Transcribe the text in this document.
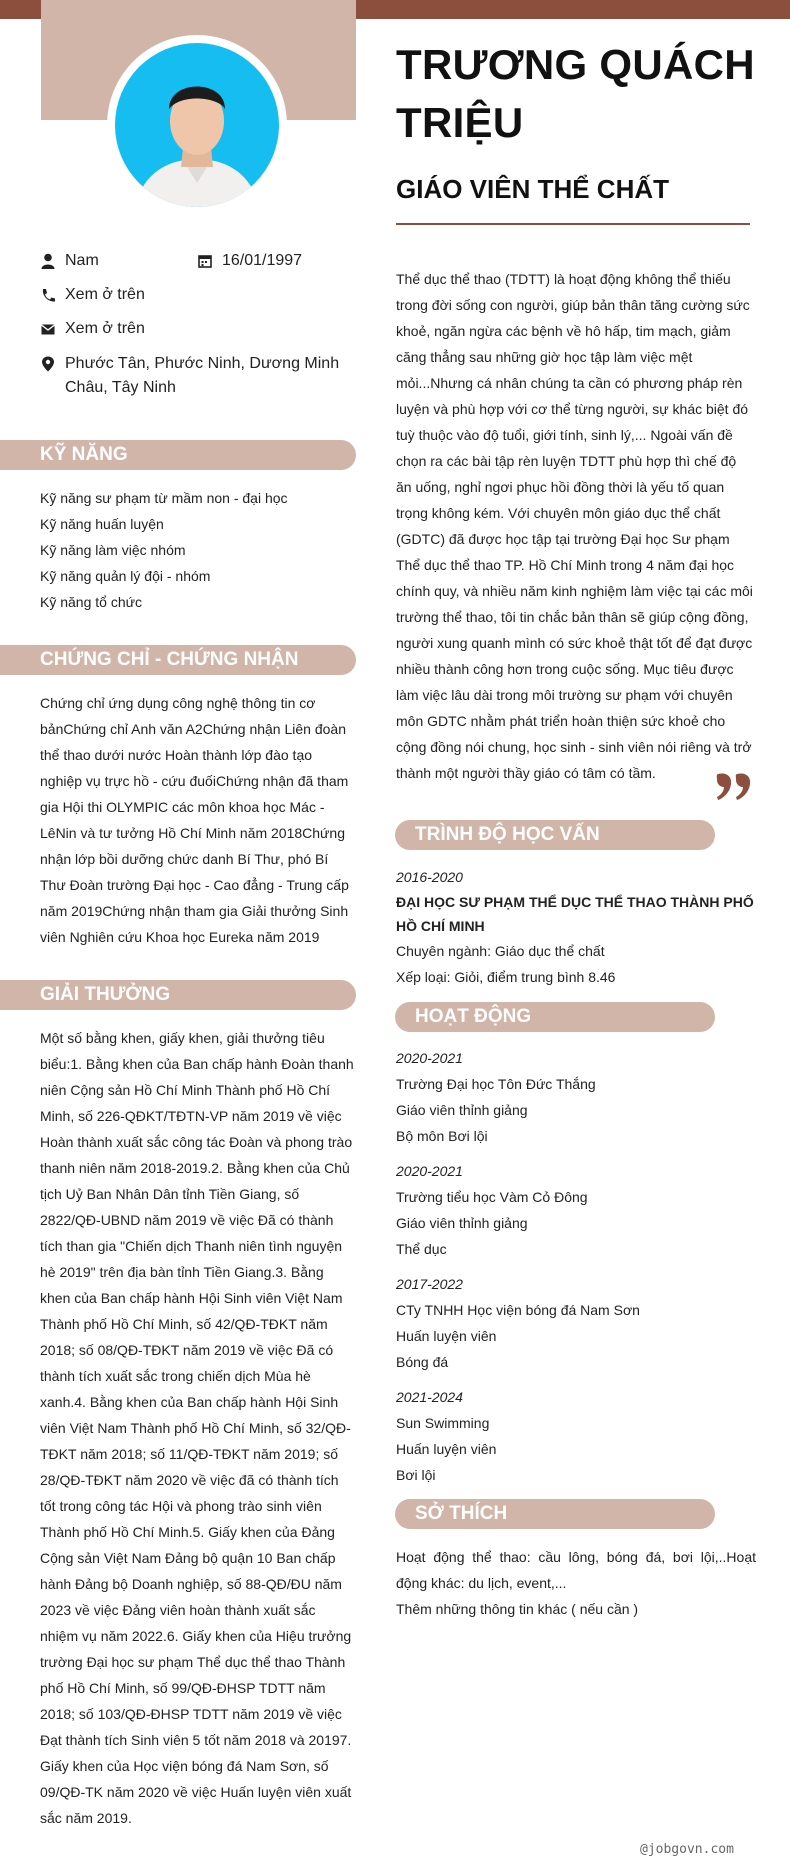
TRƯƠNG QUÁCH TRIỆU
GIÁO VIÊN THỂ CHẤT
Nam	16/01/1997
Xem ở trên
Xem ở trên
Phước Tân, Phước Ninh, Dương Minh Châu, Tây Ninh
KỸ NĂNG
Kỹ năng sư phạm từ mầm non - đại học
Kỹ năng huấn luyện
Kỹ năng làm việc nhóm
Kỹ năng quản lý đội - nhóm
Kỹ năng tổ chức
CHỨNG CHỈ - CHỨNG NHẬN

Chứng chỉ ứng dụng công nghệ thông tin cơ bảnChứng chỉ Anh văn A2Chứng nhận Liên đoàn thể thao dưới nước Hoàn thành lớp đào tạo nghiệp vụ trực hồ - cứu đuốiChứng nhận đã tham gia Hội thi OLYMPIC các môn khoa học Mác - LêNin và tư tưởng Hồ Chí Minh năm 2018Chứng nhận lớp bồi dưỡng chức danh Bí Thư, phó Bí Thư Đoàn trường Đại học - Cao đẳng - Trung cấp năm 2019Chứng nhận tham gia Giải thưởng Sinh viên Nghiên cứu Khoa học Eureka năm 2019

GIẢI THƯỞNG

Một số bằng khen, giấy khen, giải thưởng tiêu biểu:1. Bằng khen của Ban chấp hành Đoàn thanh niên Cộng sản Hồ Chí Minh Thành phố Hồ Chí Minh, số 226-QĐKT/TĐTN-VP năm 2019 về việc Hoàn thành xuất sắc công tác Đoàn và phong trào thanh niên năm 2018-2019.2. Bằng khen của Chủ tịch Uỷ Ban Nhân Dân tỉnh Tiền Giang, số 2822/QĐ-UBND năm 2019 về việc Đã có thành tích than gia "Chiến dịch Thanh niên tình nguyện hè 2019" trên địa bàn tỉnh Tiền Giang.3. Bằng khen của Ban chấp hành Hội Sinh viên Việt Nam Thành phố Hồ Chí Minh, số 42/QĐ-TĐKT năm 2018; số 08/QĐ-TĐKT năm 2019 về việc Đã có thành tích xuất sắc trong chiến dịch Mùa hè xanh.4. Bằng khen của Ban chấp hành Hội Sinh viên Việt Nam Thành phố Hồ Chí Minh, số 32/QĐ-TĐKT năm 2018; số 11/QĐ-TĐKT năm 2019; số 28/QĐ-TĐKT năm 2020 về việc đã có thành tích tốt trong công tác Hội và phong trào sinh viên Thành phố Hồ Chí Minh.5. Giấy khen của Đảng Cộng sản Việt Nam Đảng bộ quận 10 Ban chấp hành Đảng bộ Doanh nghiệp, số 88-QĐ/ĐU năm 2023 về việc Đảng viên hoàn thành xuất sắc nhiệm vụ năm 2022.6. Giấy khen của Hiệu trưởng trường Đại học sư phạm Thể dục thể thao Thành phố Hồ Chí Minh, số 99/QĐ-ĐHSP TDTT năm 2018; số 103/QĐ-ĐHSP TDTT năm 2019 về việc Đạt thành tích Sinh viên 5 tốt năm 2018 và 20197. Giấy khen của Học viện bóng đá Nam Sơn, số 09/QĐ-TK năm 2020 về việc Huấn luyện viên xuất sắc năm 2019.

Thể dục thể thao (TDTT) là hoạt động không thể thiếu trong đời sống con người, giúp bản thân tăng cường sức khoẻ, ngăn ngừa các bệnh về hô hấp, tim mạch, giảm căng thẳng sau những giờ học tập làm việc mệt mỏi...Nhưng cá nhân chúng ta cần có phương pháp rèn luyện và phù hợp với cơ thể từng người, sự khác biệt đó tuỳ thuộc vào độ tuổi, giới tính, sinh lý,... Ngoài vấn đề chọn ra các bài tập rèn luyện TDTT phù hợp thì chế độ ăn uống, nghỉ ngơi phục hồi đồng thời là yếu tố quan trọng không kém. Với chuyên môn giáo dục thể chất (GDTC) đã được học tập tại trường Đại học Sư phạm Thể dục thể thao TP. Hồ Chí Minh trong 4 năm đại học chính quy, và nhiều năm kinh nghiệm làm việc tại các môi trường thể thao, tôi tin chắc bản thân sẽ giúp cộng đồng, người xung quanh mình có sức khoẻ thật tốt để đạt được nhiều thành công hơn trong cuộc sống. Mục tiêu được làm việc lâu dài trong môi trường sư phạm với chuyên môn GDTC nhằm phát triển hoàn thiện sức khoẻ cho cộng đồng nói chung, học sinh - sinh viên nói riêng và trở thành một người thầy giáo có tâm có tầm.

TRÌNH ĐỘ HỌC VẤN
2016-2020
ĐẠI HỌC SƯ PHẠM THỂ DỤC THỂ THAO THÀNH PHỐ HỒ CHÍ MINH
Chuyên ngành: Giáo dục thể chất
Xếp loại: Giỏi, điểm trung bình 8.46
HOẠT ĐỘNG
2020-2021
Trường Đại học Tôn Đức Thắng
Giáo viên thỉnh giảng
Bộ môn Bơi lội
2020-2021
Trường tiểu học Vàm Cỏ Đông
Giáo viên thỉnh giảng
Thể dục
2017-2022
CTy TNHH Học viện bóng đá Nam Sơn
Huấn luyện viên
Bóng đá
2021-2024
Sun Swimming
Huấn luyện viên
Bơi lội
SỞ THÍCH
Hoạt động thể thao: cầu lông, bóng đá, bơi lội,..Hoạt động khác: du lịch, event,...
Thêm những thông tin khác ( nếu cần )
@jobgovn.com
